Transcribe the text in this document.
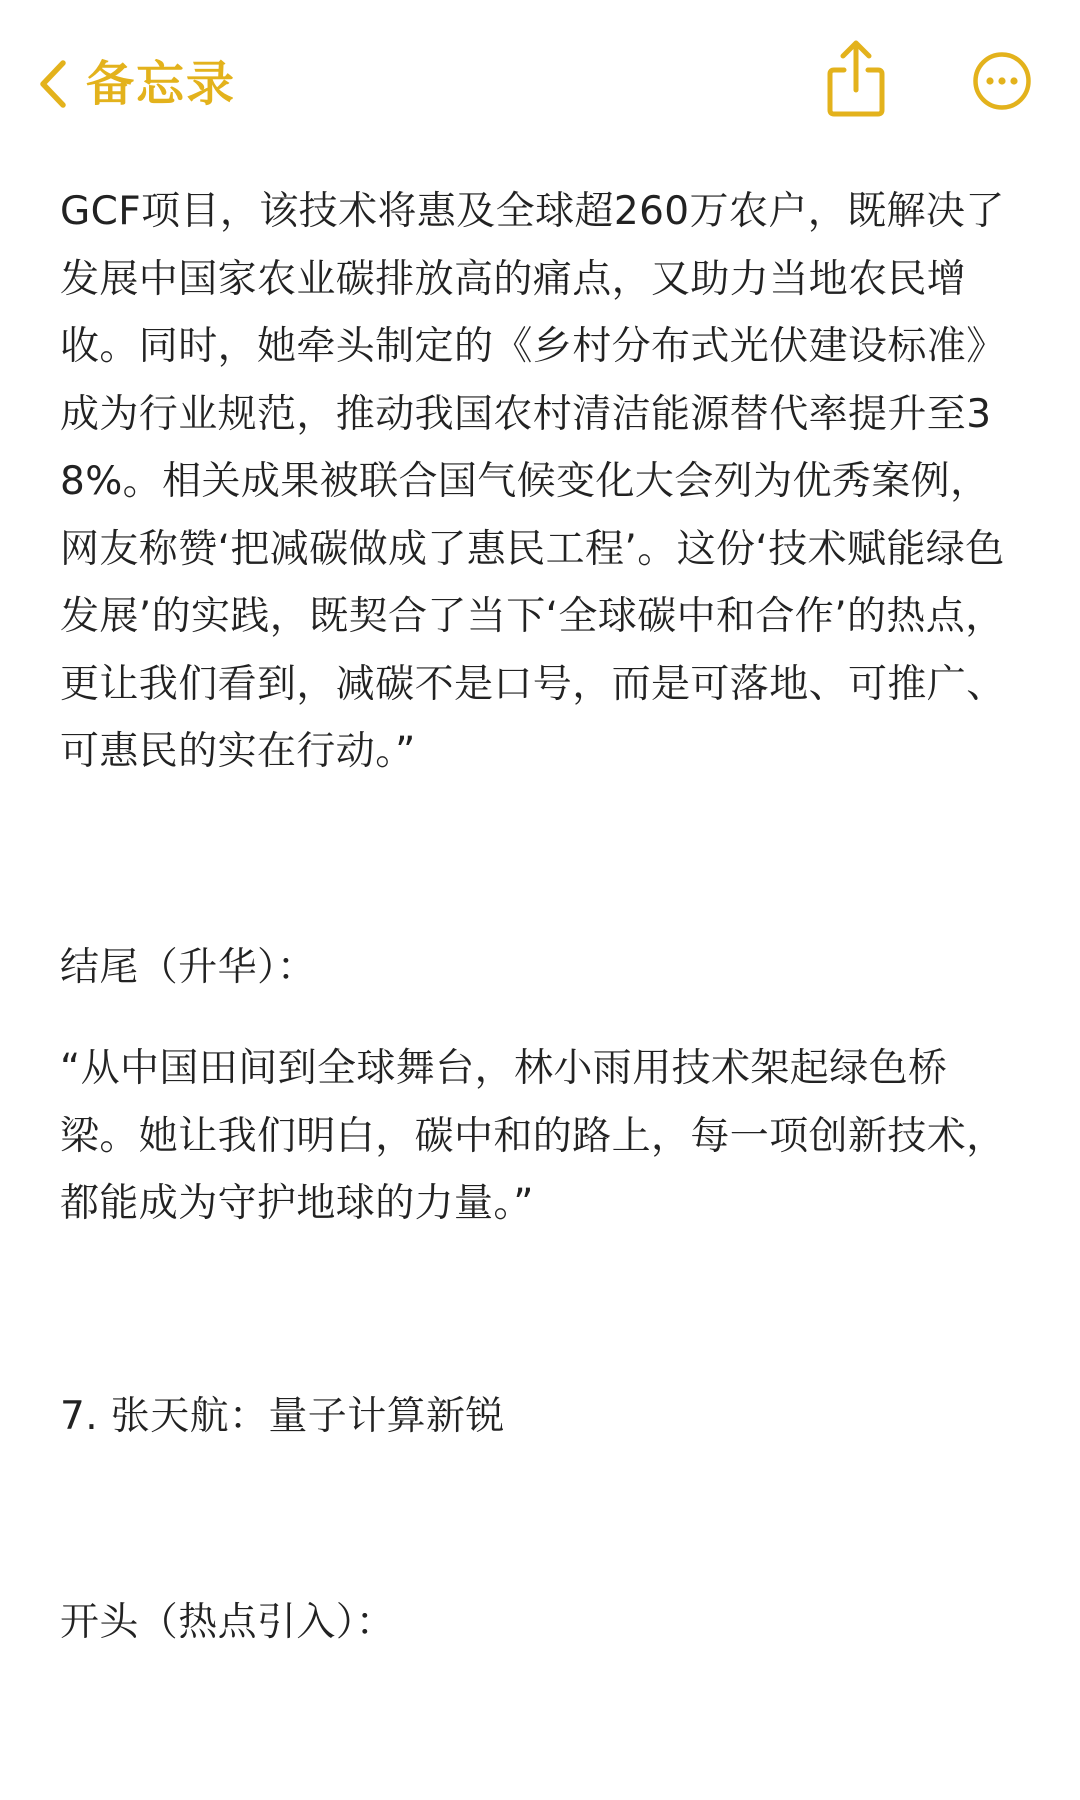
备忘录

GCF项目，该技术将惠及全球超260万农户，既解决了发展中国家农业碳排放高的痛点，又助力当地农民增收。同时，她牵头制定的《乡村分布式光伏建设标准》成为行业规范，推动我国农村清洁能源替代率提升至38%。相关成果被联合国气候变化大会列为优秀案例，网友称赞‘把减碳做成了惠民工程’。这份‘技术赋能绿色发展’的实践，既契合了当下‘全球碳中和合作’的热点，更让我们看到，减碳不是口号，而是可落地、可推广、可惠民的实在行动。”

结尾（升华）：

“从中国田间到全球舞台，林小雨用技术架起绿色桥梁。她让我们明白，碳中和的路上，每一项创新技术，都能成为守护地球的力量。”

7. 张天航：量子计算新锐

开头（热点引入）：
